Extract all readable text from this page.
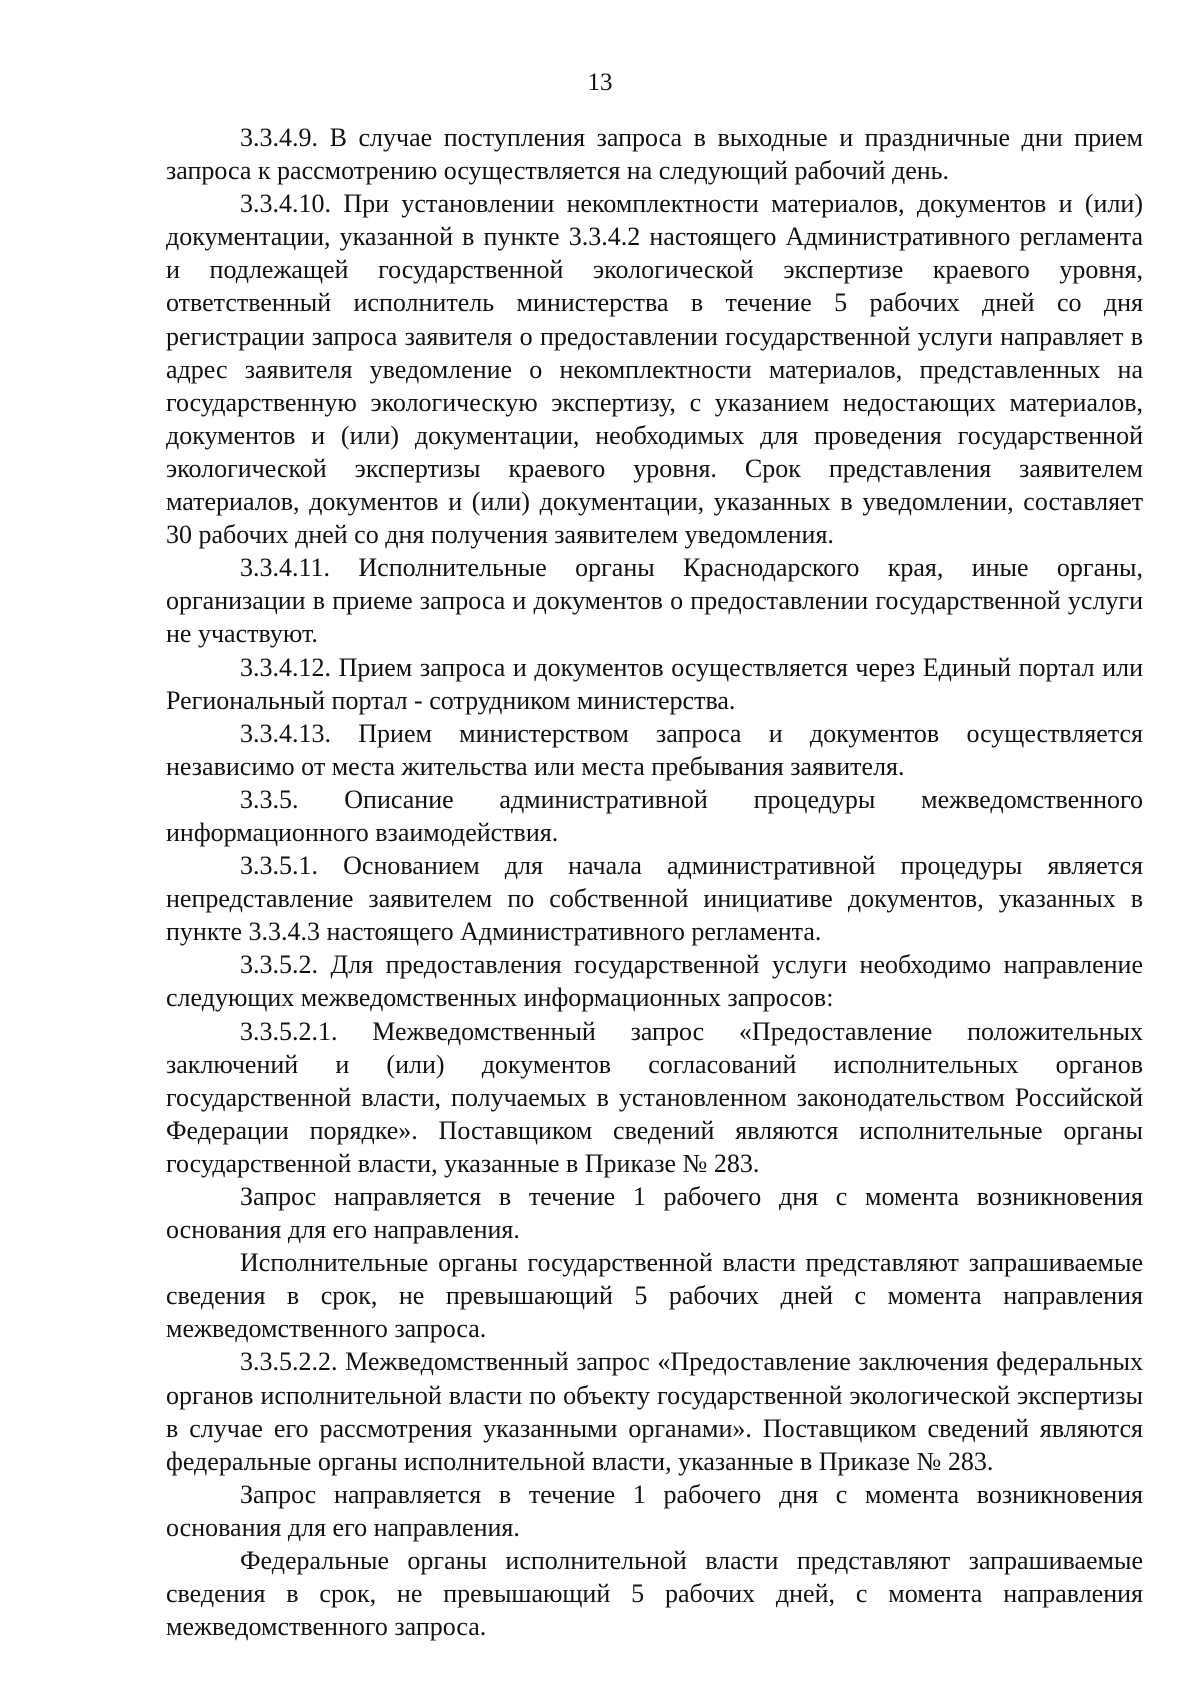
13

3.3.4.9. В случае поступления запроса в выходные и праздничные дни прием запроса к рассмотрению осуществляется на следующий рабочий день.

3.3.4.10. При установлении некомплектности материалов, документов и (или) документации, указанной в пункте 3.3.4.2 настоящего Административного регламента и подлежащей государственной экологической экспертизе краевого уровня, ответственный исполнитель министерства в течение 5 рабочих дней со дня регистрации запроса заявителя о предоставлении государственной услуги направляет в адрес заявителя уведомление о некомплектности материалов, представленных на государственную экологическую экспертизу, с указанием недостающих материалов, документов и (или) документации, необходимых для проведения государственной экологической экспертизы краевого уровня. Срок представления заявителем материалов, документов и (или) документации, указанных в уведомлении, составляет 30 рабочих дней со дня получения заявителем уведомления.

3.3.4.11. Исполнительные органы Краснодарского края, иные органы, организации в приеме запроса и документов о предоставлении государственной услуги не участвуют.

3.3.4.12. Прием запроса и документов осуществляется через Единый портал или Региональный портал - сотрудником министерства.

3.3.4.13. Прием министерством запроса и документов осуществляется независимо от места жительства или места пребывания заявителя.

3.3.5. Описание административной процедуры межведомственного информационного взаимодействия.

3.3.5.1. Основанием для начала административной процедуры является непредставление заявителем по собственной инициативе документов, указанных в пункте 3.3.4.3 настоящего Административного регламента.

3.3.5.2. Для предоставления государственной услуги необходимо направление следующих межведомственных информационных запросов:

3.3.5.2.1. Межведомственный запрос «Предоставление положительных заключений и (или) документов согласований исполнительных органов государственной власти, получаемых в установленном законодательством Российской Федерации порядке». Поставщиком сведений являются исполнительные органы государственной власти, указанные в Приказе № 283.

Запрос направляется в течение 1 рабочего дня с момента возникновения основания для его направления.

Исполнительные органы государственной власти представляют запрашиваемые сведения в срок, не превышающий 5 рабочих дней с момента направления межведомственного запроса.

3.3.5.2.2. Межведомственный запрос «Предоставление заключения федеральных органов исполнительной власти по объекту государственной экологической экспертизы в случае его рассмотрения указанными органами». Поставщиком сведений являются федеральные органы исполнительной власти, указанные в Приказе № 283.

Запрос направляется в течение 1 рабочего дня с момента возникновения основания для его направления.

Федеральные органы исполнительной власти представляют запрашиваемые сведения в срок, не превышающий 5 рабочих дней, с момента направления межведомственного запроса.
